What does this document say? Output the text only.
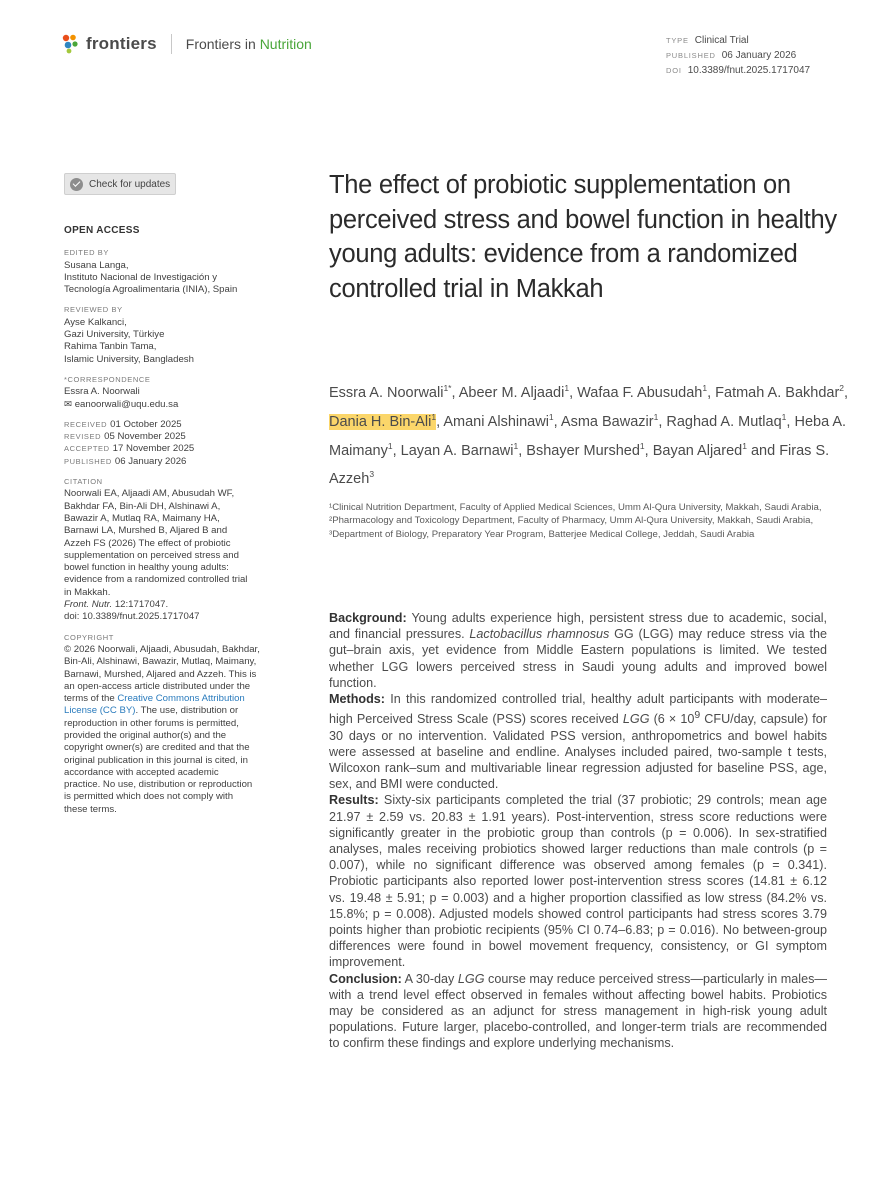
frontiers Frontiers in Nutrition	TYPE Clinical Trial
PUBLISHED 06 January 2026
DOI 10.3389/fnut.2025.1717047
Check for updates
OPEN ACCESS
EDITED BY
Susana Langa,
Instituto Nacional de Investigación y
Tecnología Agroalimentaria (INIA), Spain
REVIEWED BY
Ayse Kalkanci,
Gazi University, Türkiye
Rahima Tanbin Tama,
Islamic University, Bangladesh
*CORRESPONDENCE
Essra A. Noorwali
✉ eanoorwali@uqu.edu.sa
RECEIVED 01 October 2025
REVISED 05 November 2025
ACCEPTED 17 November 2025
PUBLISHED 06 January 2026
CITATION
Noorwali EA, Aljaadi AM, Abusudah WF,
Bakhdar FA, Bin-Ali DH, Alshinawi A,
Bawazir A, Mutlaq RA, Maimany HA,
Barnawi LA, Murshed B, Aljared B and
Azzeh FS (2026) The effect of probiotic
supplementation on perceived stress and
bowel function in healthy young adults:
evidence from a randomized controlled trial
in Makkah.
Front. Nutr. 12:1717047.
doi: 10.3389/fnut.2025.1717047
COPYRIGHT
© 2026 Noorwali, Aljaadi, Abusudah, Bakhdar,
Bin-Ali, Alshinawi, Bawazir, Mutlaq, Maimany,
Barnawi, Murshed, Aljared and Azzeh. This is
an open-access article distributed under the
terms of the Creative Commons Attribution
License (CC BY). The use, distribution or
reproduction in other forums is permitted,
provided the original author(s) and the
copyright owner(s) are credited and that the
original publication in this journal is cited, in
accordance with accepted academic
practice. No use, distribution or reproduction
is permitted which does not comply with
these terms.
The effect of probiotic supplementation on perceived stress and bowel function in healthy young adults: evidence from a randomized controlled trial in Makkah
Essra A. Noorwali$^{1*}$, Abeer M. Aljaadi$^1$, Wafaa F. Abusudah$^1$, Fatmah A. Bakhdar$^2$, Dania H. Bin-Ali$^1$, Amani Alshinawi$^1$, Asma Bawazir$^1$, Raghad A. Mutlaq$^1$, Heba A. Maimany$^1$, Layan A. Barnawi$^1$, Bshayer Murshed$^1$, Bayan Aljared$^1$ and Firas S. Azzeh$^3$
¹Clinical Nutrition Department, Faculty of Applied Medical Sciences, Umm Al-Qura University, Makkah, Saudi Arabia, ²Pharmacology and Toxicology Department, Faculty of Pharmacy, Umm Al-Qura University, Makkah, Saudi Arabia, ³Department of Biology, Preparatory Year Program, Batterjee Medical College, Jeddah, Saudi Arabia

Background: Young adults experience high, persistent stress due to academic, social, and financial pressures. Lactobacillus rhamnosus GG (LGG) may reduce stress via the gut–brain axis, yet evidence from Middle Eastern populations is limited. We tested whether LGG lowers perceived stress in Saudi young adults and improved bowel function.

Methods: In this randomized controlled trial, healthy adult participants with moderate–high Perceived Stress Scale (PSS) scores received LGG ($6 \times 10^9$ CFU/day, capsule) for 30 days or no intervention. Validated PSS version, anthropometrics and bowel habits were assessed at baseline and endline. Analyses included paired, two-sample t tests, Wilcoxon rank–sum and multivariable linear regression adjusted for baseline PSS, age, sex, and BMI were conducted.

Results: Sixty-six participants completed the trial (37 probiotic; 29 controls; mean age 21.97 ± 2.59 vs. 20.83 ± 1.91 years). Post-intervention, stress score reductions were significantly greater in the probiotic group than controls (p = 0.006). In sex-stratified analyses, males receiving probiotics showed larger reductions than male controls (p = 0.007), while no significant difference was observed among females (p = 0.341). Probiotic participants also reported lower post-intervention stress scores (14.81 ± 6.12 vs. 19.48 ± 5.91; p = 0.003) and a higher proportion classified as low stress (84.2% vs. 15.8%; p = 0.008). Adjusted models showed control participants had stress scores 3.79 points higher than probiotic recipients (95% CI 0.74–6.83; p = 0.016). No between-group differences were found in bowel movement frequency, consistency, or GI symptom improvement.

Conclusion: A 30-day LGG course may reduce perceived stress—particularly in males—with a trend level effect observed in females without affecting bowel habits. Probiotics may be considered as an adjunct for stress management in high-risk young adult populations. Future larger, placebo-controlled, and longer-term trials are recommended to confirm these findings and explore underlying mechanisms.
